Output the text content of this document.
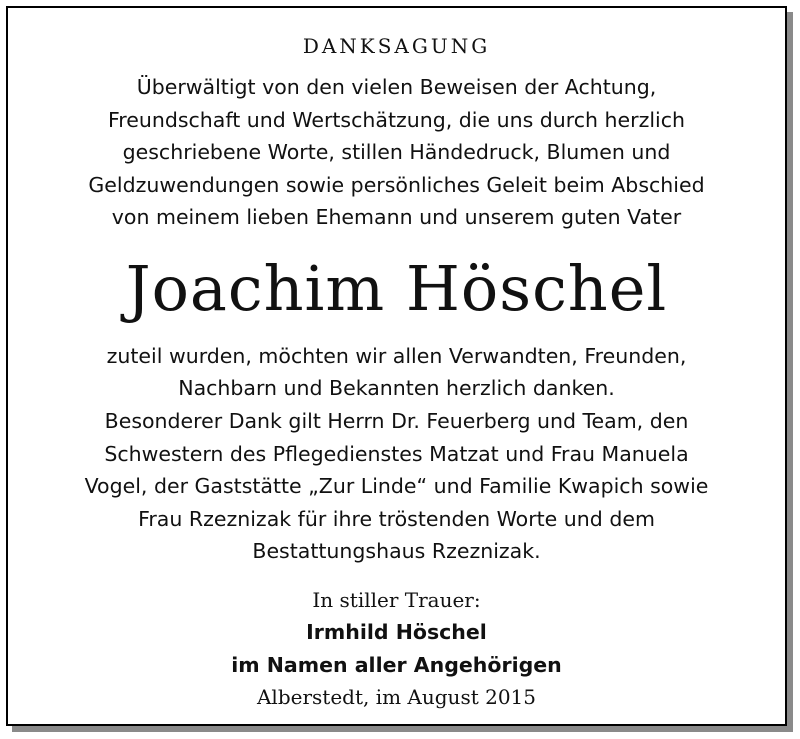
DANKSAGUNG
Überwältigt von den vielen Beweisen der Achtung,
Freundschaft und Wertschätzung, die uns durch herzlich
geschriebene Worte, stillen Händedruck, Blumen und
Geldzuwendungen sowie persönliches Geleit beim Abschied
von meinem lieben Ehemann und unserem guten Vater
Joachim Höschel
zuteil wurden, möchten wir allen Verwandten, Freunden,
Nachbarn und Bekannten herzlich danken.
Besonderer Dank gilt Herrn Dr. Feuerberg und Team, den
Schwestern des Pflegedienstes Matzat und Frau Manuela
Vogel, der Gaststätte „Zur Linde“ und Familie Kwapich sowie
Frau Rzeznizak für ihre tröstenden Worte und dem
Bestattungshaus Rzeznizak.
In stiller Trauer:
Irmhild Höschel
im Namen aller Angehörigen
Alberstedt, im August 2015
